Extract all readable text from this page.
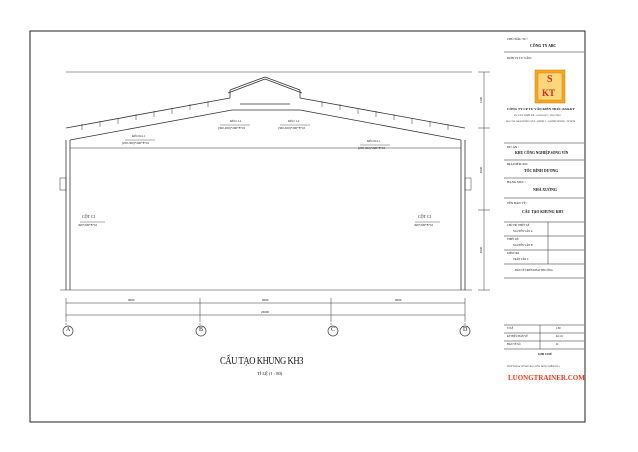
A	B	C	D
9000	9000	9000
26000
1200
4000
4000
CỘT C1
300*200*8*10
CỘT C1
300*200*8*10
KÈO K1.1
(250-300)*200*8*10	KÈO K1.1
(250-300)*200*8*10
KÈO 1.2
(300-650)*200*8*10
KÈO 1.2
(300-650)*200*8*10
CẤU TẠO KHUNG KH3
TỈ LỆ (1 : 80)
CHỦ ĐẦU TƯ :
CÔNG TY ABC
ĐƠN VỊ TƯ VẤN:
S
KT
CÔNG TY CP TƯ VẤN KIẾN TRÚC KS&KT
TƯ VẤN THIẾT KẾ - GIÁM SÁT - THI CÔNG
ĐỊA CHỈ: 268/8 ĐƯỜNG SỐ 9 - P.BÌNH A - Q.BÌNH DƯƠNG - TP.HCM
DỰ ÁN :
KHU CÔNG NGHIỆP SONG VĨN
ĐỊA ĐIỂM XD:
TÓC BÌNH DƯƠNG
HẠNG MỤC :
NHÀ XƯỞNG
TÊN BẢN VẼ :
CẤU TẠO KHUNG KH3
CHỦ TRÌ THIẾT KẾ
NGUYỄN VĂN A
THIẾT KẾ
NGUYỄN VĂN B
KIỂM TRA
TRẦN VĂN C
BẢN VẼ TRIỂN KHAI THI CÔNG
TỈ LỆ	1:80
KÝ HIỆU BẢN VẼ	KC-01
BẢN VẼ SỐ	01
GHI CHÚ
THIẾT KẾ & THẨM TRA LUÔN ĐƯỢC KIỂM TRA
LUONGTRAINER.COM
